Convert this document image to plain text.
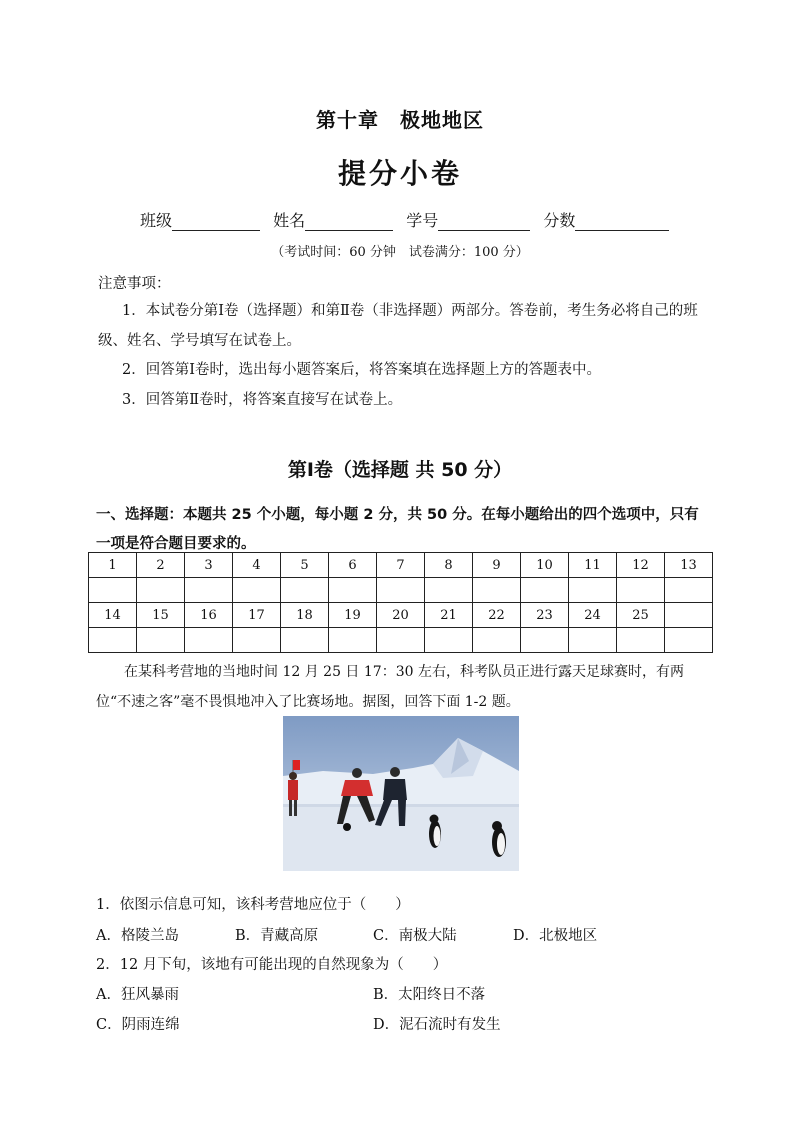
第十章　极地地区
提分小卷
班级	姓名	学号	分数
（考试时间：60 分钟　试卷满分：100 分）
注意事项：
1．本试卷分第Ⅰ卷（选择题）和第Ⅱ卷（非选择题）两部分。答卷前，考生务必将自己的班级、姓名、学号填写在试卷上。
2．回答第Ⅰ卷时，选出每小题答案后，将答案填在选择题上方的答题表中。
3．回答第Ⅱ卷时，将答案直接写在试卷上。
第Ⅰ卷（选择题 共 50 分）
一、选择题：本题共 25 个小题，每小题 2 分，共 50 分。在每小题给出的四个选项中，只有一项是符合题目要求的。
1	2	3	4	5	6	7	8	9	10	11	12	13

14	15	16	17	18	19	20	21	22	23	24	25	

在某科考营地的当地时间 12 月 25 日 17：30 左右，科考队员正进行露天足球赛时，有两位“不速之客”毫不畏惧地冲入了比赛场地。据图，回答下面 1-2 题。
1．依图示信息可知，该科考营地应位于（　　）
A．格陵兰岛	B．青藏高原	C．南极大陆	D．北极地区
2．12 月下旬，该地有可能出现的自然现象为（　　）
A．狂风暴雨	B．太阳终日不落
C．阴雨连绵	D．泥石流时有发生
